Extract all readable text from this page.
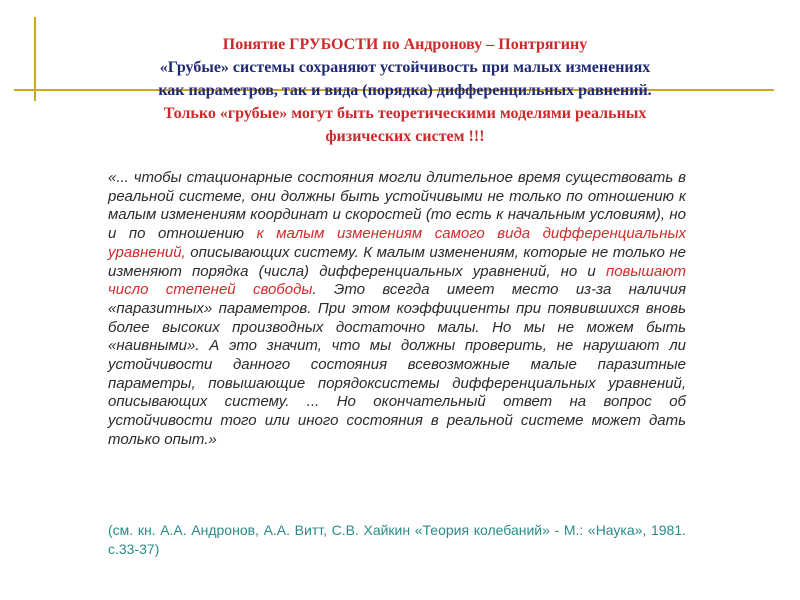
Понятие ГРУБОСТИ по Андронову – Понтрягину
«Грубые» системы сохраняют устойчивость при малых изменениях
как параметров, так и вида (порядка) дифференцильных равнений.
Только «грубые» могут быть теоретическими моделями реальных
физических систем !!!

«... чтобы стационарные состояния могли длительное время существовать в реальной системе, они должны быть устойчивыми не только по отношению к малым изменениям координат и скоростей (то есть к начальным условиям), но и по отношению к малым изменениям самого вида дифференциальных уравнений, описывающих систему. К малым изменениям, которые не только не изменяют порядка (числа) дифференциальных уравнений, но и повышают число степеней свободы. Это всегда имеет место из-за наличия «паразитных» параметров. При этом коэффициенты при появившихся вновь более высоких производных достаточно малы. Но мы не можем быть «наивными». А это значит, что мы должны проверить, не нарушают ли устойчивости данного состояния всевозможные малые паразитные параметры, повышающие порядоксистемы дифференциальных уравнений, описывающих систему. ... Но окончательный ответ на вопрос об устойчивости того или иного состояния в реальной системе может дать только опыт.»

(см. кн. А.А. Андронов, А.А. Витт, С.В. Хайкин «Теория колебаний» - М.: «Наука», 1981. с.33-37)
